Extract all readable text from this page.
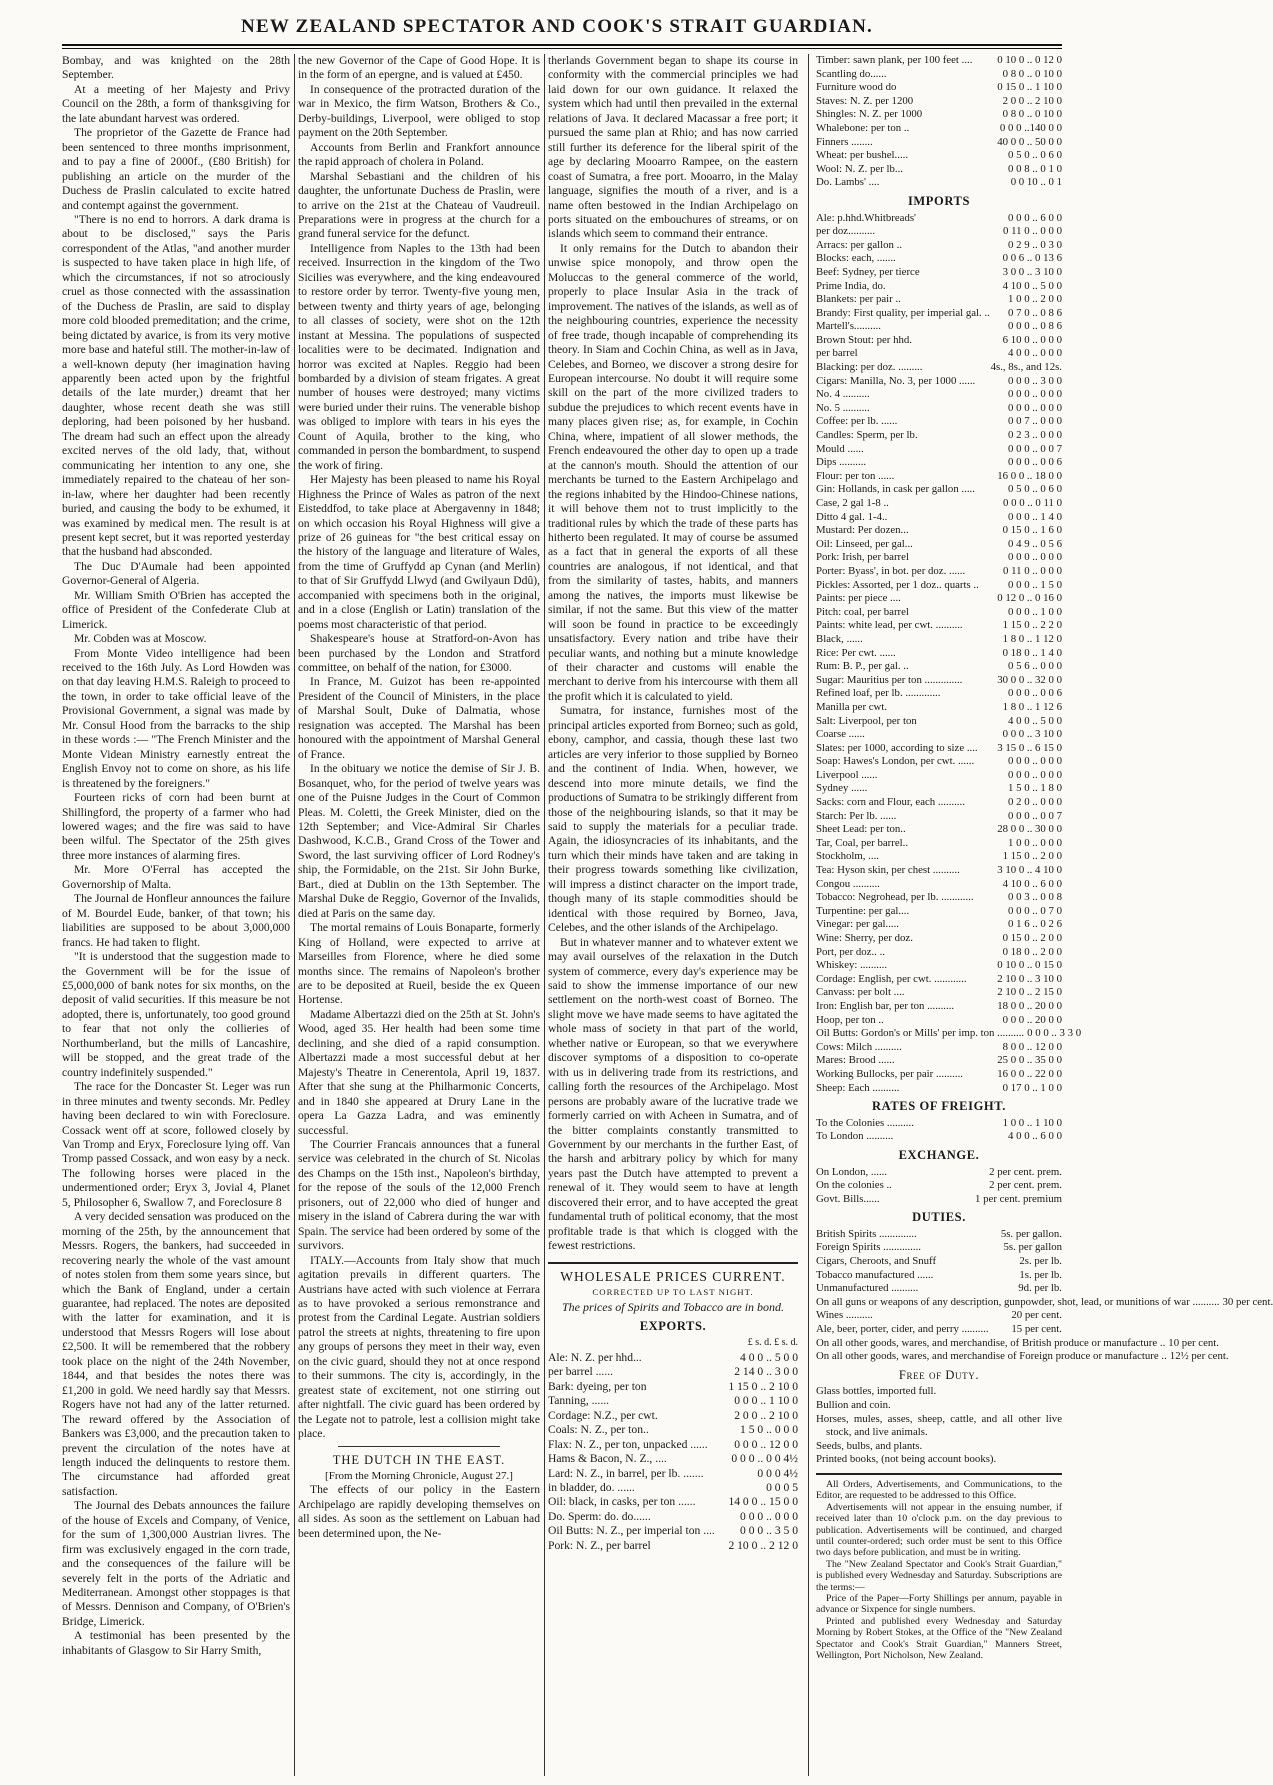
NEW ZEALAND SPECTATOR AND COOK'S STRAIT GUARDIAN.

Bombay, and was knighted on the 28th September.

At a meeting of her Majesty and Privy Council on the 28th, a form of thanksgiving for the late abundant harvest was ordered.

The proprietor of the Gazette de France had been sentenced to three months imprisonment, and to pay a fine of 2000f., (£80 British) for publishing an article on the murder of the Duchess de Praslin calculated to excite hatred and contempt against the government.

"There is no end to horrors. A dark drama is about to be disclosed," says the Paris correspondent of the Atlas, "and another murder is suspected to have taken place in high life, of which the circumstances, if not so atrociously cruel as those connected with the assassination of the Duchess de Praslin, are said to display more cold blooded premeditation; and the crime, being dictated by avarice, is from its very motive more base and hateful still. The mother-in-law of a well-known deputy (her imagination having apparently been acted upon by the frightful details of the late murder,) dreamt that her daughter, whose recent death she was still deploring, had been poisoned by her husband. The dream had such an effect upon the already excited nerves of the old lady, that, without communicating her intention to any one, she immediately repaired to the chateau of her son-in-law, where her daughter had been recently buried, and causing the body to be exhumed, it was examined by medical men. The result is at present kept secret, but it was reported yesterday that the husband had absconded.

The Duc D'Aumale had been appointed Governor-General of Algeria.

Mr. William Smith O'Brien has accepted the office of President of the Confederate Club at Limerick.

Mr. Cobden was at Moscow.

From Monte Video intelligence had been received to the 16th July. As Lord Howden was on that day leaving H.M.S. Raleigh to proceed to the town, in order to take official leave of the Provisional Government, a signal was made by Mr. Consul Hood from the barracks to the ship in these words :— "The French Minister and the Monte Videan Ministry earnestly entreat the English Envoy not to come on shore, as his life is threatened by the foreigners."

Fourteen ricks of corn had been burnt at Shillingford, the property of a farmer who had lowered wages; and the fire was said to have been wilful. The Spectator of the 25th gives three more instances of alarming fires.

Mr. More O'Ferral has accepted the Governorship of Malta.

The Journal de Honfleur announces the failure of M. Bourdel Eude, banker, of that town; his liabilities are supposed to be about 3,000,000 francs. He had taken to flight.

"It is understood that the suggestion made to the Government will be for the issue of £5,000,000 of bank notes for six months, on the deposit of valid securities. If this measure be not adopted, there is, unfortunately, too good ground to fear that not only the collieries of Northumberland, but the mills of Lancashire, will be stopped, and the great trade of the country indefinitely suspended."

The race for the Doncaster St. Leger was run in three minutes and twenty seconds. Mr. Pedley having been declared to win with Foreclosure. Cossack went off at score, followed closely by Van Tromp and Eryx, Foreclosure lying off. Van Tromp passed Cossack, and won easy by a neck. The following horses were placed in the undermentioned order; Eryx 3, Jovial 4, Planet 5, Philosopher 6, Swallow 7, and Foreclosure 8

A very decided sensation was produced on the morning of the 25th, by the announcement that Messrs. Rogers, the bankers, had succeeded in recovering nearly the whole of the vast amount of notes stolen from them some years since, but which the Bank of England, under a certain guarantee, had replaced. The notes are deposited with the latter for examination, and it is understood that Messrs Rogers will lose about £2,500. It will be remembered that the robbery took place on the night of the 24th November, 1844, and that besides the notes there was £1,200 in gold. We need hardly say that Messrs. Rogers have not had any of the latter returned. The reward offered by the Association of Bankers was £3,000, and the precaution taken to prevent the circulation of the notes have at length induced the delinquents to restore them. The circumstance had afforded great satisfaction.

The Journal des Debats announces the failure of the house of Excels and Company, of Venice, for the sum of 1,300,000 Austrian livres. The firm was exclusively engaged in the corn trade, and the consequences of the failure will be severely felt in the ports of the Adriatic and Mediterranean. Amongst other stoppages is that of Messrs. Dennison and Company, of O'Brien's Bridge, Limerick.

A testimonial has been presented by the inhabitants of Glasgow to Sir Harry Smith,

the new Governor of the Cape of Good Hope. It is in the form of an epergne, and is valued at £450.

In consequence of the protracted duration of the war in Mexico, the firm Watson, Brothers & Co., Derby-buildings, Liverpool, were obliged to stop payment on the 20th September.

Accounts from Berlin and Frankfort announce the rapid approach of cholera in Poland.

Marshal Sebastiani and the children of his daughter, the unfortunate Duchess de Praslin, were to arrive on the 21st at the Chateau of Vaudreuil. Preparations were in progress at the church for a grand funeral service for the defunct.

Intelligence from Naples to the 13th had been received. Insurrection in the kingdom of the Two Sicilies was everywhere, and the king endeavoured to restore order by terror. Twenty-five young men, between twenty and thirty years of age, belonging to all classes of society, were shot on the 12th instant at Messina. The populations of suspected localities were to be decimated. Indignation and horror was excited at Naples. Reggio had been bombarded by a division of steam frigates. A great number of houses were destroyed; many victims were buried under their ruins. The venerable bishop was obliged to implore with tears in his eyes the Count of Aquila, brother to the king, who commanded in person the bombardment, to suspend the work of firing.

Her Majesty has been pleased to name his Royal Highness the Prince of Wales as patron of the next Eisteddfod, to take place at Abergavenny in 1848; on which occasion his Royal Highness will give a prize of 26 guineas for "the best critical essay on the history of the language and literature of Wales, from the time of Gruffydd ap Cynan (and Merlin) to that of Sir Gruffydd Llwyd (and Gwilyaun Ddû), accompanied with specimens both in the original, and in a close (English or Latin) translation of the poems most characteristic of that period.

Shakespeare's house at Stratford-on-Avon has been purchased by the London and Stratford committee, on behalf of the nation, for £3000.

In France, M. Guizot has been re-appointed President of the Council of Ministers, in the place of Marshal Soult, Duke of Dalmatia, whose resignation was accepted. The Marshal has been honoured with the appointment of Marshal General of France.

In the obituary we notice the demise of Sir J. B. Bosanquet, who, for the period of twelve years was one of the Puisne Judges in the Court of Common Pleas. M. Coletti, the Greek Minister, died on the 12th September; and Vice-Admiral Sir Charles Dashwood, K.C.B., Grand Cross of the Tower and Sword, the last surviving officer of Lord Rodney's ship, the Formidable, on the 21st. Sir John Burke, Bart., died at Dublin on the 13th September. The Marshal Duke de Reggio, Governor of the Invalids, died at Paris on the same day.

The mortal remains of Louis Bonaparte, formerly King of Holland, were expected to arrive at Marseilles from Florence, where he died some months since. The remains of Napoleon's brother are to be deposited at Rueil, beside the ex Queen Hortense.

Madame Albertazzi died on the 25th at St. John's Wood, aged 35. Her health had been some time declining, and she died of a rapid consumption. Albertazzi made a most successful debut at her Majesty's Theatre in Cenerentola, April 19, 1837. After that she sung at the Philharmonic Concerts, and in 1840 she appeared at Drury Lane in the opera La Gazza Ladra, and was eminently successful.

The Courrier Francais announces that a funeral service was celebrated in the church of St. Nicolas des Champs on the 15th inst., Napoleon's birthday, for the repose of the souls of the 12,000 French prisoners, out of 22,000 who died of hunger and misery in the island of Cabrera during the war with Spain. The service had been ordered by some of the survivors.

ITALY.—Accounts from Italy show that much agitation prevails in different quarters. The Austrians have acted with such violence at Ferrara as to have provoked a serious remonstrance and protest from the Cardinal Legate. Austrian soldiers patrol the streets at nights, threatening to fire upon any groups of persons they meet in their way, even on the civic guard, should they not at once respond to their summons. The city is, accordingly, in the greatest state of excitement, not one stirring out after nightfall. The civic guard has been ordered by the Legate not to patrole, lest a collision might take place.

THE DUTCH IN THE EAST.

[From the Morning Chronicle, August 27.]

The effects of our policy in the Eastern Archipelago are rapidly developing themselves on all sides. As soon as the settlement on Labuan had been determined upon, the Ne-

therlands Government began to shape its course in conformity with the commercial principles we had laid down for our own guidance. It relaxed the system which had until then prevailed in the external relations of Java. It declared Macassar a free port; it pursued the same plan at Rhio; and has now carried still further its deference for the liberal spirit of the age by declaring Mooarro Rampee, on the eastern coast of Sumatra, a free port. Mooarro, in the Malay language, signifies the mouth of a river, and is a name often bestowed in the Indian Archipelago on ports situated on the embouchures of streams, or on islands which seem to command their entrance.

It only remains for the Dutch to abandon their unwise spice monopoly, and throw open the Moluccas to the general commerce of the world, properly to place Insular Asia in the track of improvement. The natives of the islands, as well as of the neighbouring countries, experience the necessity of free trade, though incapable of comprehending its theory. In Siam and Cochin China, as well as in Java, Celebes, and Borneo, we discover a strong desire for European intercourse. No doubt it will require some skill on the part of the more civilized traders to subdue the prejudices to which recent events have in many places given rise; as, for example, in Cochin China, where, impatient of all slower methods, the French endeavoured the other day to open up a trade at the cannon's mouth. Should the attention of our merchants be turned to the Eastern Archipelago and the regions inhabited by the Hindoo-Chinese nations, it will behove them not to trust implicitly to the traditional rules by which the trade of these parts has hitherto been regulated. It may of course be assumed as a fact that in general the exports of all these countries are analogous, if not identical, and that from the similarity of tastes, habits, and manners among the natives, the imports must likewise be similar, if not the same. But this view of the matter will soon be found in practice to be exceedingly unsatisfactory. Every nation and tribe have their peculiar wants, and nothing but a minute knowledge of their character and customs will enable the merchant to derive from his intercourse with them all the profit which it is calculated to yield.

Sumatra, for instance, furnishes most of the principal articles exported from Borneo; such as gold, ebony, camphor, and cassia, though these last two articles are very inferior to those supplied by Borneo and the continent of India. When, however, we descend into more minute details, we find the productions of Sumatra to be strikingly different from those of the neighbouring islands, so that it may be said to supply the materials for a peculiar trade. Again, the idiosyncracies of its inhabitants, and the turn which their minds have taken and are taking in their progress towards something like civilization, will impress a distinct character on the import trade, though many of its staple commodities should be identical with those required by Borneo, Java, Celebes, and the other islands of the Archipelago.

But in whatever manner and to whatever extent we may avail ourselves of the relaxation in the Dutch system of commerce, every day's experience may be said to show the immense importance of our new settlement on the north-west coast of Borneo. The slight move we have made seems to have agitated the whole mass of society in that part of the world, whether native or European, so that we everywhere discover symptoms of a disposition to co-operate with us in delivering trade from its restrictions, and calling forth the resources of the Archipelago. Most persons are probably aware of the lucrative trade we formerly carried on with Acheen in Sumatra, and of the bitter complaints constantly transmitted to Government by our merchants in the further East, of the harsh and arbitrary policy by which for many years past the Dutch have attempted to prevent a renewal of it. They would seem to have at length discovered their error, and to have accepted the great fundamental truth of political economy, that the most profitable trade is that which is clogged with the fewest restrictions.

WHOLESALE PRICES CURRENT.
CORRECTED UP TO LAST NIGHT.
The prices of Spirits and Tobacco are in bond.
EXPORTS.
£ s. d. £ s. d.
Ale: N. Z. per hhd...	4 0 0 .. 5 0 0
per barrel ......	2 14 0 .. 3 0 0
Bark: dyeing, per ton	1 15 0 .. 2 10 0
Tanning, ......	0 0 0 .. 1 10 0
Cordage: N.Z., per cwt.	2 0 0 .. 2 10 0
Coals: N. Z., per ton..	1 5 0 .. 0 0 0
Flax: N. Z., per ton, unpacked ......	0 0 0 .. 12 0 0
Hams & Bacon, N. Z., ....	0 0 0 .. 0 0 4½
Lard: N. Z., in barrel, per lb. .......	0 0 0 4½
in bladder, do. ......	0 0 0 5
Oil: black, in casks, per ton ......	14 0 0 .. 15 0 0
Do. Sperm: do. do......	0 0 0 .. 0 0 0
Oil Butts: N. Z., per imperial ton ....	0 0 0 .. 3 5 0
Pork: N. Z., per barrel	2 10 0 .. 2 12 0
Timber: sawn plank, per 100 feet ....	0 10 0 .. 0 12 0
Scantling do......	0 8 0 .. 0 10 0
Furniture wood do	0 15 0 .. 1 10 0
Staves: N. Z. per 1200	2 0 0 .. 2 10 0
Shingles: N. Z. per 1000	0 8 0 .. 0 10 0
Whalebone: per ton ..	0 0 0 ..140 0 0
Finners ........	40 0 0 .. 50 0 0
Wheat: per bushel.....	0 5 0 .. 0 6 0
Wool: N. Z. per lb...	0 0 8 .. 0 1 0
Do. Lambs' ....	0 0 10 .. 0 1
IMPORTS
Ale: p.hhd.Whitbreads'	0 0 0 .. 6 0 0
per doz..........	0 11 0 .. 0 0 0
Arracs: per gallon ..	0 2 9 .. 0 3 0
Blocks: each, .......	0 0 6 .. 0 13 6
Beef: Sydney, per tierce	3 0 0 .. 3 10 0
Prime India, do.	4 10 0 .. 5 0 0
Blankets: per pair ..	1 0 0 .. 2 0 0
Brandy: First quality, per imperial gal. ..	0 7 0 .. 0 8 6
Martell's..........	0 0 0 .. 0 8 6
Brown Stout: per hhd.	6 10 0 .. 0 0 0
per barrel	4 0 0 .. 0 0 0
Blacking: per doz. .........	4s., 8s., and 12s.
Cigars: Manilla, No. 3, per 1000 ......	0 0 0 .. 3 0 0
No. 4 ..........	0 0 0 .. 0 0 0
No. 5 ..........	0 0 0 .. 0 0 0
Coffee: per lb. ......	0 0 7 .. 0 0 0
Candles: Sperm, per lb.	0 2 3 .. 0 0 0
Mould ......	0 0 0 .. 0 0 7
Dips ..........	0 0 0 .. 0 0 6
Flour: per ton ......	16 0 0 .. 18 0 0
Gin: Hollands, in cask per gallon .....	0 5 0 .. 0 6 0
Case, 2 gal 1-8 ..	0 0 0 .. 0 11 0
Ditto 4 gal. 1-4..	0 0 0 .. 1 4 0
Mustard: Per dozen...	0 15 0 .. 1 6 0
Oil: Linseed, per gal...	0 4 9 .. 0 5 6
Pork: Irish, per barrel	0 0 0 .. 0 0 0
Porter: Byass', in bot. per doz. ......	0 11 0 .. 0 0 0
Pickles: Assorted, per 1 doz.. quarts ..	0 0 0 .. 1 5 0
Paints: per piece ....	0 12 0 .. 0 16 0
Pitch: coal, per barrel	0 0 0 .. 1 0 0
Paints: white lead, per cwt. ..........	1 15 0 .. 2 2 0
Black, ......	1 8 0 .. 1 12 0
Rice: Per cwt. ......	0 18 0 .. 1 4 0
Rum: B. P., per gal. ..	0 5 6 .. 0 0 0
Sugar: Mauritius per ton ..............	30 0 0 .. 32 0 0
Refined loaf, per lb. .............	0 0 0 .. 0 0 6
Manilla per cwt.	1 8 0 .. 1 12 6
Salt: Liverpool, per ton	4 0 0 .. 5 0 0
Coarse ......	0 0 0 .. 3 10 0
Slates: per 1000, according to size ....	3 15 0 .. 6 15 0
Soap: Hawes's London, per cwt. ......	0 0 0 .. 0 0 0
Liverpool ......	0 0 0 .. 0 0 0
Sydney ......	1 5 0 .. 1 8 0
Sacks: corn and Flour, each ..........	0 2 0 .. 0 0 0
Starch: Per lb. ......	0 0 0 .. 0 0 7
Sheet Lead: per ton..	28 0 0 .. 30 0 0
Tar, Coal, per barrel..	1 0 0 .. 0 0 0
Stockholm, ....	1 15 0 .. 2 0 0
Tea: Hyson skin, per chest ..........	3 10 0 .. 4 10 0
Congou ..........	4 10 0 .. 6 0 0
Tobacco: Negrohead, per lb. ............	0 0 3 .. 0 0 8
Turpentine: per gal....	0 0 0 .. 0 7 0
Vinegar: per gal.....	0 1 6 .. 0 2 6
Wine: Sherry, per doz.	0 15 0 .. 2 0 0
Port, per doz.. ..	0 18 0 .. 2 0 0
Whiskey: ..........	0 10 0 .. 0 15 0
Cordage: English, per cwt. ............	2 10 0 .. 3 10 0
Canvass: per bolt ....	2 10 0 .. 2 15 0
Iron: English bar, per ton ..........	18 0 0 .. 20 0 0
Hoop, per ton ..	0 0 0 .. 20 0 0
Oil Butts: Gordon's or Mills' per imp. ton .......... 0 0 0 .. 3 3 0
Cows: Milch ..........	8 0 0 .. 12 0 0
Mares: Brood ......	25 0 0 .. 35 0 0
Working Bullocks, per pair ..........	16 0 0 .. 22 0 0
Sheep: Each ..........	0 17 0 .. 1 0 0
RATES OF FREIGHT.
To the Colonies ..........	1 0 0 .. 1 10 0
To London ..........	4 0 0 .. 6 0 0
EXCHANGE.
On London, ......	2 per cent. prem.
On the colonies ..	2 per cent. prem.
Govt. Bills......	1 per cent. premium
DUTIES.
British Spirits ..............	5s. per gallon.
Foreign Spirits ..............	5s. per gallon
Cigars, Cheroots, and Snuff	2s. per lb.
Tobacco manufactured ......	1s. per lb.
Unmanufactured ..........	9d. per lb.
On all guns or weapons of any description, gunpowder, shot, lead, or munitions of war .......... 30 per cent.
Wines ..........	20 per cent.
Ale, beer, porter, cider, and perry ..........	15 per cent.
On all other goods, wares, and merchandise, of British produce or manufacture .. 10 per cent.
On all other goods, wares, and merchandise of Foreign produce or manufacture .. 12½ per cent.
Free of Duty.
Glass bottles, imported full.
Bullion and coin.
Horses, mules, asses, sheep, cattle, and all other live stock, and live animals.
Seeds, bulbs, and plants.
Printed books, (not being account books).

All Orders, Advertisements, and Communications, to the Editor, are requested to be addressed to this Office.

Advertisements will not appear in the ensuing number, if received later than 10 o'clock p.m. on the day previous to publication. Advertisements will be continued, and charged until counter-ordered; such order must be sent to this Office two days before publication, and must be in writing.

The "New Zealand Spectator and Cook's Strait Guardian," is published every Wednesday and Saturday. Subscriptions are the terms:—

Price of the Paper—Forty Shillings per annum, payable in advance or Sixpence for single numbers.

Printed and published every Wednesday and Saturday Morning by Robert Stokes, at the Office of the "New Zealand Spectator and Cook's Strait Guardian," Manners Street, Wellington, Port Nicholson, New Zealand.
